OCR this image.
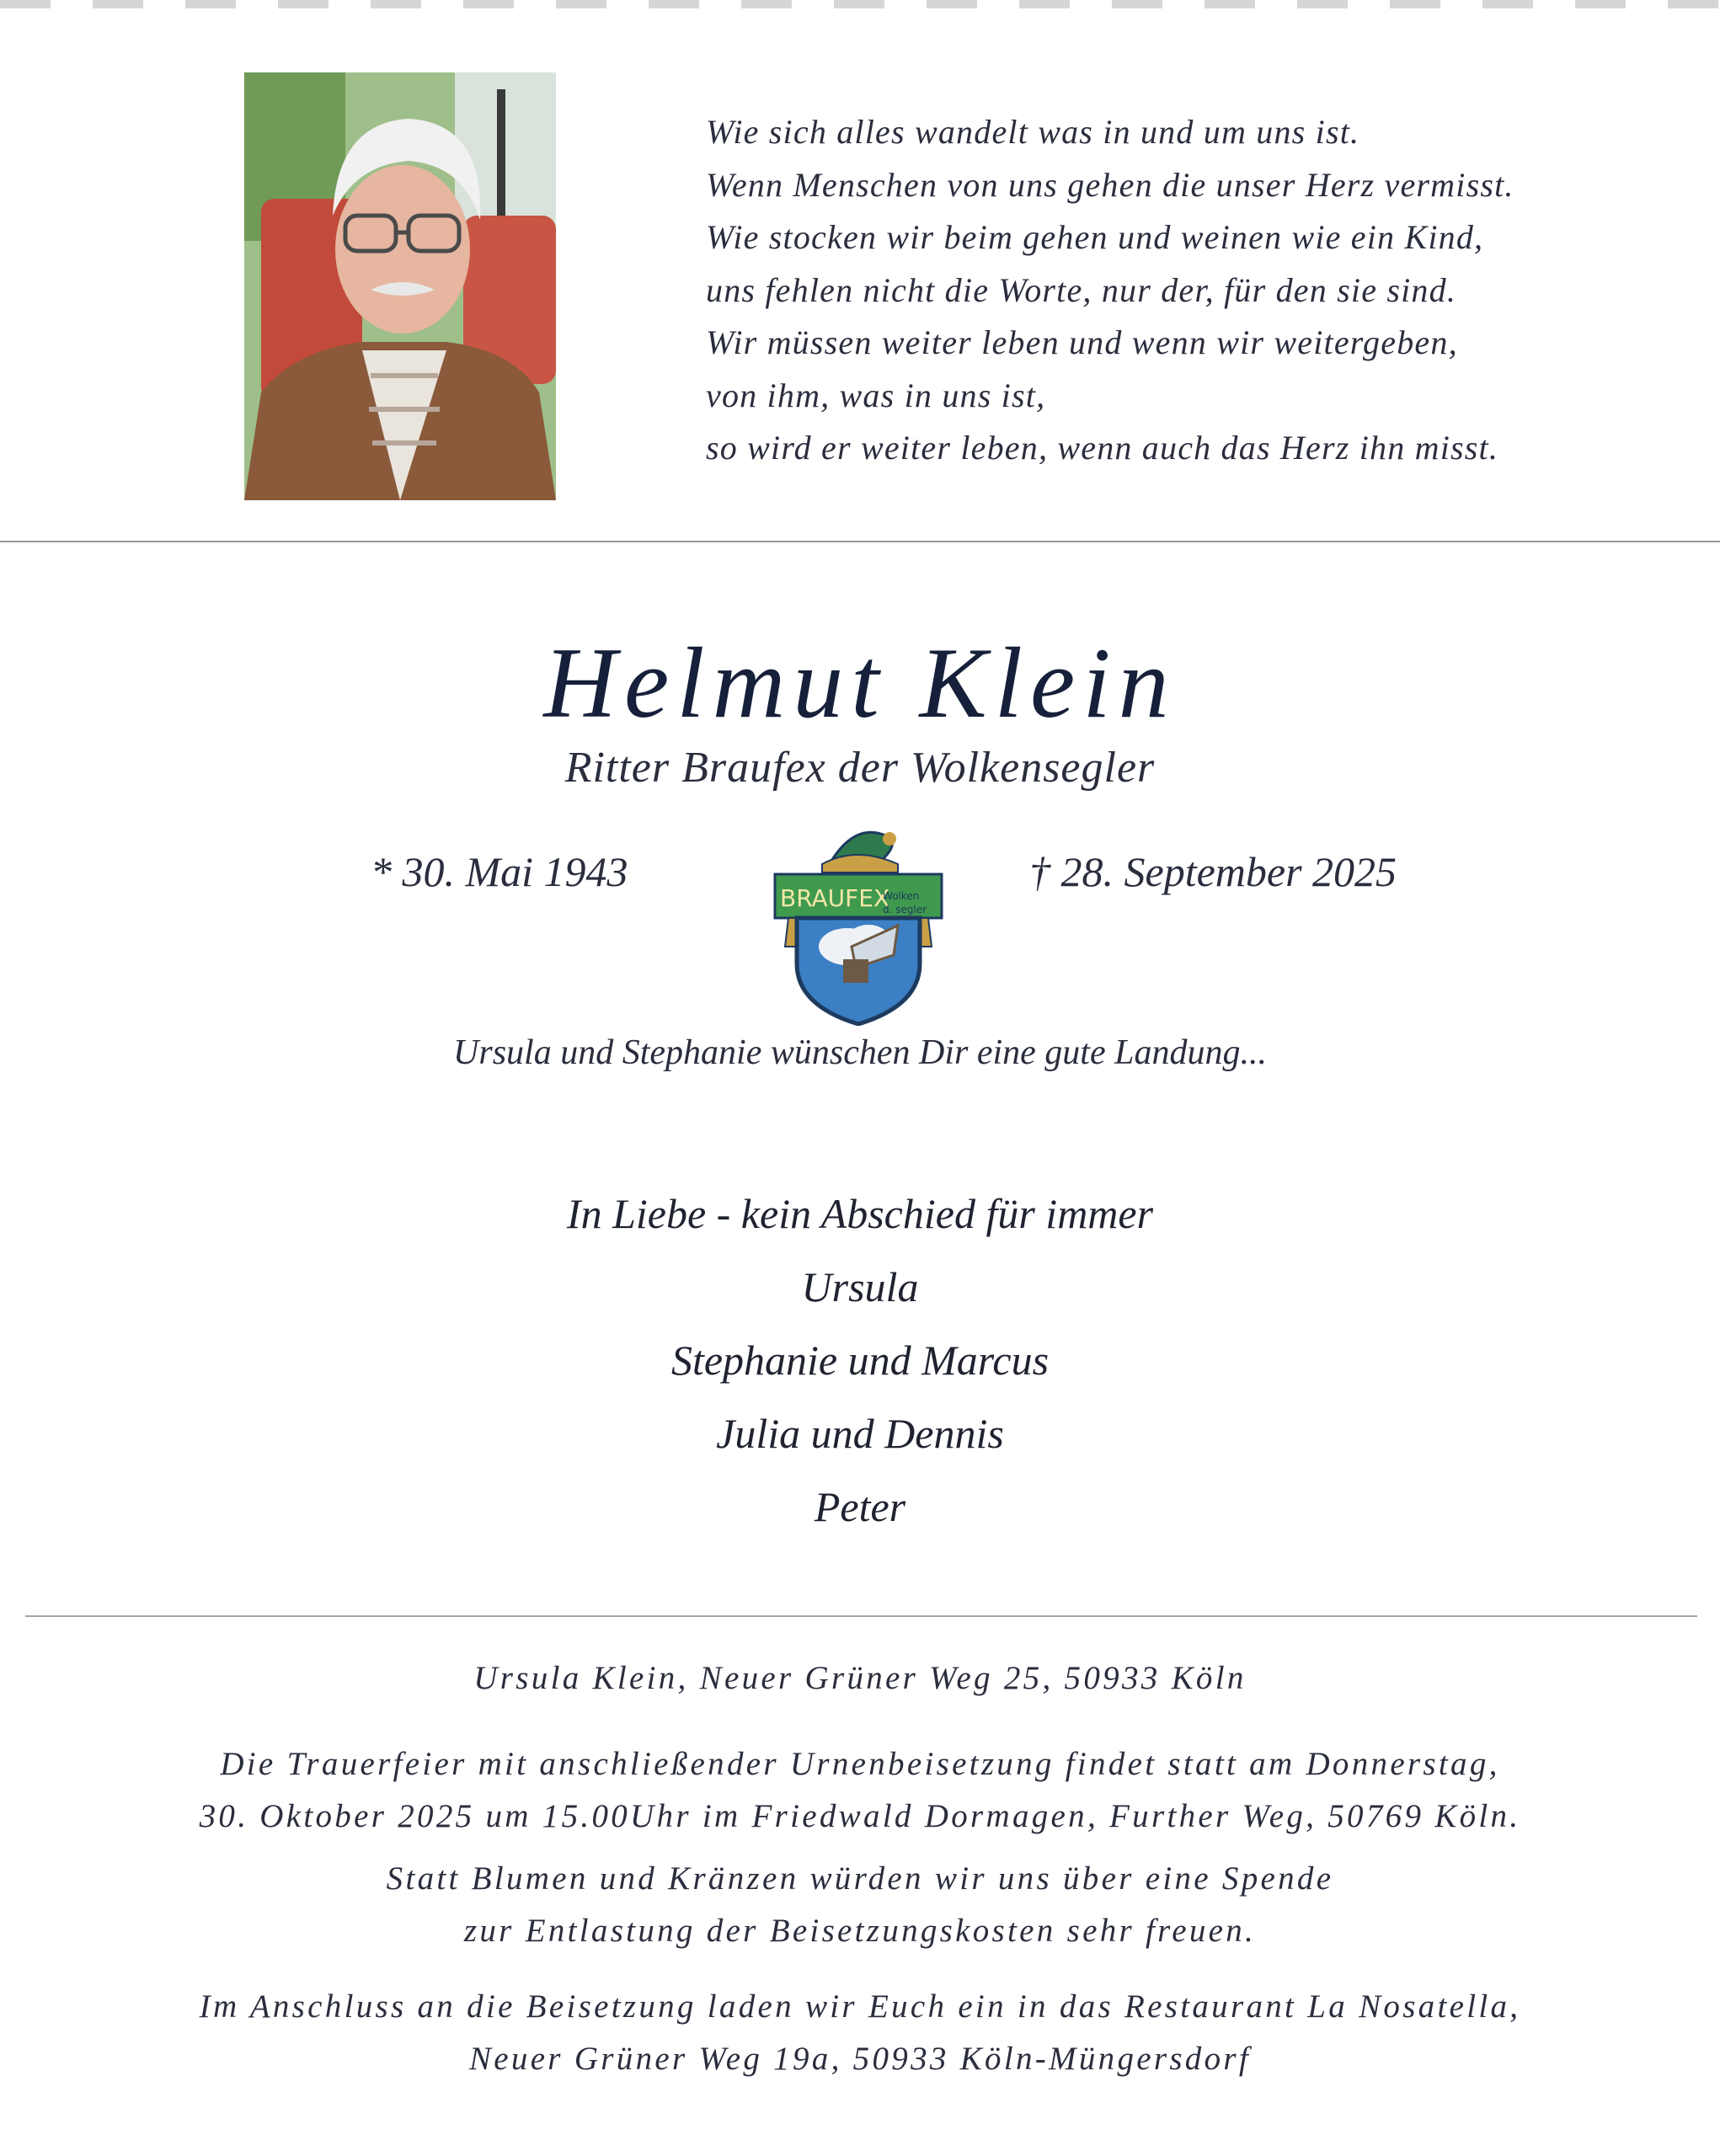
Wie sich alles wandelt was in und um uns ist.
Wenn Menschen von uns gehen die unser Herz vermisst.
Wie stocken wir beim gehen und weinen wie ein Kind,
uns fehlen nicht die Worte, nur der, für den sie sind.
Wir müssen weiter leben und wenn wir weitergeben,
von ihm, was in uns ist,
so wird er weiter leben, wenn auch das Herz ihn misst.
Helmut Klein
Ritter Braufex der Wolkensegler
* 30. Mai 1943	† 28. September 2025
BRAUFEX
Wolken
d. segler
Ursula und Stephanie wünschen Dir eine gute Landung...
In Liebe - kein Abschied für immer
Ursula
Stephanie und Marcus
Julia und Dennis
Peter
Ursula Klein, Neuer Grüner Weg 25, 50933 Köln
Die Trauerfeier mit anschließender Urnenbeisetzung findet statt am Donnerstag,
30. Oktober 2025 um 15.00Uhr im Friedwald Dormagen, Further Weg, 50769 Köln.
Statt Blumen und Kränzen würden wir uns über eine Spende
zur Entlastung der Beisetzungskosten sehr freuen.
Im Anschluss an die Beisetzung laden wir Euch ein in das Restaurant La Nosatella,
Neuer Grüner Weg 19a, 50933 Köln-Müngersdorf
